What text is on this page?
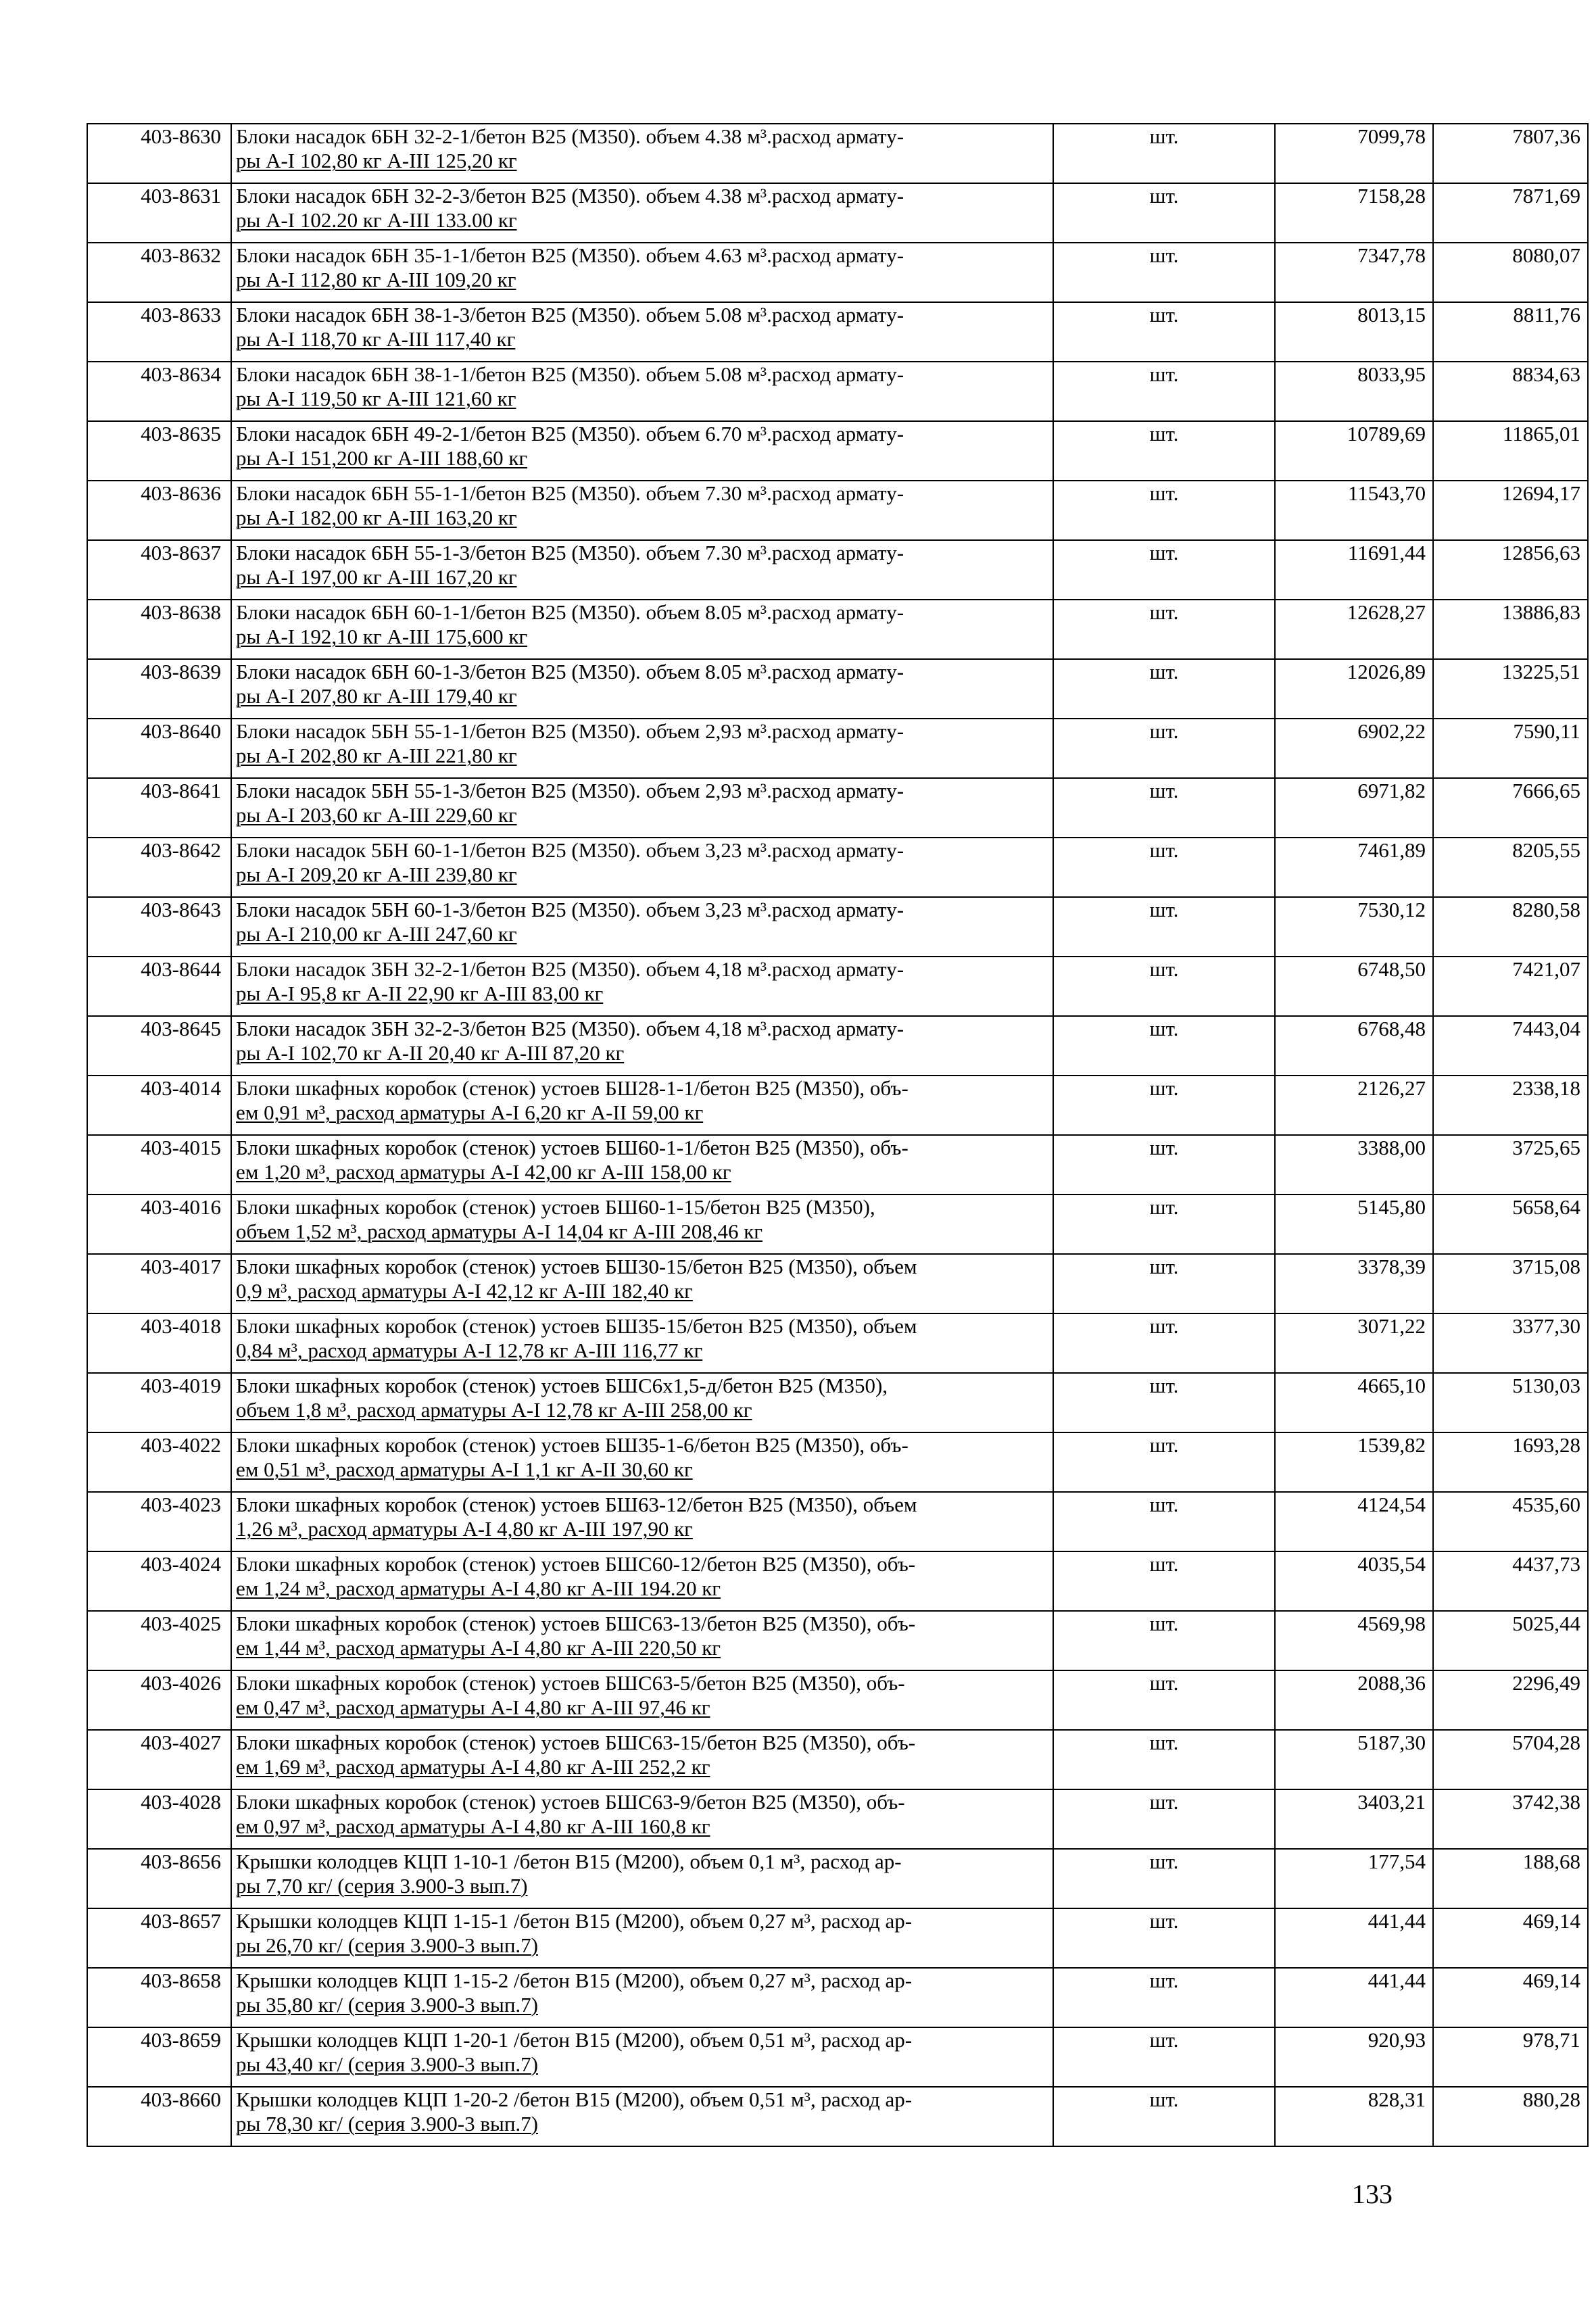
403-8630	Блоки насадок 6БН 32-2-1/бетон В25 (М350). объем 4.38 м³.расход армату-
ры А-I 102,80 кг А-III 125,20 кг	шт.	7099,78	7807,36
403-8631	Блоки насадок 6БН 32-2-3/бетон В25 (М350). объем 4.38 м³.расход армату-
ры А-I 102.20 кг А-III 133.00 кг	шт.	7158,28	7871,69
403-8632	Блоки насадок 6БН 35-1-1/бетон В25 (М350). объем 4.63 м³.расход армату-
ры А-I 112,80 кг А-III 109,20 кг	шт.	7347,78	8080,07
403-8633	Блоки насадок 6БН 38-1-3/бетон В25 (М350). объем 5.08 м³.расход армату-
ры А-I 118,70 кг А-III 117,40 кг	шт.	8013,15	8811,76
403-8634	Блоки насадок 6БН 38-1-1/бетон В25 (М350). объем 5.08 м³.расход армату-
ры А-I 119,50 кг А-III 121,60 кг	шт.	8033,95	8834,63
403-8635	Блоки насадок 6БН 49-2-1/бетон В25 (М350). объем 6.70 м³.расход армату-
ры А-I 151,200 кг А-III 188,60 кг	шт.	10789,69	11865,01
403-8636	Блоки насадок 6БН 55-1-1/бетон В25 (М350). объем 7.30 м³.расход армату-
ры А-I 182,00 кг А-III 163,20 кг	шт.	11543,70	12694,17
403-8637	Блоки насадок 6БН 55-1-3/бетон В25 (М350). объем 7.30 м³.расход армату-
ры А-I 197,00 кг А-III 167,20 кг	шт.	11691,44	12856,63
403-8638	Блоки насадок 6БН 60-1-1/бетон В25 (М350). объем 8.05 м³.расход армату-
ры А-I 192,10 кг А-III 175,600 кг	шт.	12628,27	13886,83
403-8639	Блоки насадок 6БН 60-1-3/бетон В25 (М350). объем 8.05 м³.расход армату-
ры А-I 207,80 кг А-III 179,40 кг	шт.	12026,89	13225,51
403-8640	Блоки насадок 5БН 55-1-1/бетон В25 (М350). объем 2,93 м³.расход армату-
ры А-I 202,80 кг А-III 221,80 кг	шт.	6902,22	7590,11
403-8641	Блоки насадок 5БН 55-1-3/бетон В25 (М350). объем 2,93 м³.расход армату-
ры А-I 203,60 кг А-III 229,60 кг	шт.	6971,82	7666,65
403-8642	Блоки насадок 5БН 60-1-1/бетон В25 (М350). объем 3,23 м³.расход армату-
ры А-I 209,20 кг А-III 239,80 кг	шт.	7461,89	8205,55
403-8643	Блоки насадок 5БН 60-1-3/бетон В25 (М350). объем 3,23 м³.расход армату-
ры А-I 210,00 кг А-III 247,60 кг	шт.	7530,12	8280,58
403-8644	Блоки насадок 3БН 32-2-1/бетон В25 (М350). объем 4,18 м³.расход армату-
ры А-I 95,8 кг А-II 22,90 кг А-III 83,00 кг	шт.	6748,50	7421,07
403-8645	Блоки насадок 3БН 32-2-3/бетон В25 (М350). объем 4,18 м³.расход армату-
ры А-I 102,70 кг А-II 20,40 кг А-III 87,20 кг	шт.	6768,48	7443,04
403-4014	Блоки шкафных коробок (стенок) устоев БШ28-1-1/бетон В25 (М350), объ-
ем 0,91 м³, расход арматуры А-I 6,20 кг А-II 59,00 кг	шт.	2126,27	2338,18
403-4015	Блоки шкафных коробок (стенок) устоев БШ60-1-1/бетон В25 (М350), объ-
ем 1,20 м³, расход арматуры А-I 42,00 кг А-III 158,00 кг	шт.	3388,00	3725,65
403-4016	Блоки шкафных коробок (стенок) устоев БШ60-1-15/бетон В25 (М350),
объем 1,52 м³, расход арматуры А-I 14,04 кг А-III 208,46 кг	шт.	5145,80	5658,64
403-4017	Блоки шкафных коробок (стенок) устоев БШ30-15/бетон В25 (М350), объем
0,9 м³, расход арматуры А-I 42,12 кг А-III 182,40 кг	шт.	3378,39	3715,08
403-4018	Блоки шкафных коробок (стенок) устоев БШ35-15/бетон В25 (М350), объем
0,84 м³, расход арматуры А-I 12,78 кг А-III 116,77 кг	шт.	3071,22	3377,30
403-4019	Блоки шкафных коробок (стенок) устоев БШС6х1,5-д/бетон В25 (М350),
объем 1,8 м³, расход арматуры А-I 12,78 кг А-III 258,00 кг	шт.	4665,10	5130,03
403-4022	Блоки шкафных коробок (стенок) устоев БШ35-1-6/бетон В25 (М350), объ-
ем 0,51 м³, расход арматуры А-I 1,1 кг А-II 30,60 кг	шт.	1539,82	1693,28
403-4023	Блоки шкафных коробок (стенок) устоев БШ63-12/бетон В25 (М350), объем
1,26 м³, расход арматуры А-I 4,80 кг А-III 197,90 кг	шт.	4124,54	4535,60
403-4024	Блоки шкафных коробок (стенок) устоев БШС60-12/бетон В25 (М350), объ-
ем 1,24 м³, расход арматуры А-I 4,80 кг А-III 194.20 кг	шт.	4035,54	4437,73
403-4025	Блоки шкафных коробок (стенок) устоев БШС63-13/бетон В25 (М350), объ-
ем 1,44 м³, расход арматуры А-I 4,80 кг А-III 220,50 кг	шт.	4569,98	5025,44
403-4026	Блоки шкафных коробок (стенок) устоев БШС63-5/бетон В25 (М350), объ-
ем 0,47 м³, расход арматуры А-I 4,80 кг А-III 97,46 кг	шт.	2088,36	2296,49
403-4027	Блоки шкафных коробок (стенок) устоев БШС63-15/бетон В25 (М350), объ-
ем 1,69 м³, расход арматуры А-I 4,80 кг А-III 252,2 кг	шт.	5187,30	5704,28
403-4028	Блоки шкафных коробок (стенок) устоев БШС63-9/бетон В25 (М350), объ-
ем 0,97 м³, расход арматуры А-I 4,80 кг А-III 160,8 кг	шт.	3403,21	3742,38
403-8656	Крышки колодцев КЦП 1-10-1 /бетон В15 (М200), объем 0,1 м³, расход ар-
ры 7,70 кг/ (серия 3.900-3 вып.7)	шт.	177,54	188,68
403-8657	Крышки колодцев КЦП 1-15-1 /бетон В15 (М200), объем 0,27 м³, расход ар-
ры 26,70 кг/ (серия 3.900-3 вып.7)	шт.	441,44	469,14
403-8658	Крышки колодцев КЦП 1-15-2 /бетон В15 (М200), объем 0,27 м³, расход ар-
ры 35,80 кг/ (серия 3.900-3 вып.7)	шт.	441,44	469,14
403-8659	Крышки колодцев КЦП 1-20-1 /бетон В15 (М200), объем 0,51 м³, расход ар-
ры 43,40 кг/ (серия 3.900-3 вып.7)	шт.	920,93	978,71
403-8660	Крышки колодцев КЦП 1-20-2 /бетон В15 (М200), объем 0,51 м³, расход ар-
ры 78,30 кг/ (серия 3.900-3 вып.7)	шт.	828,31	880,28
133
